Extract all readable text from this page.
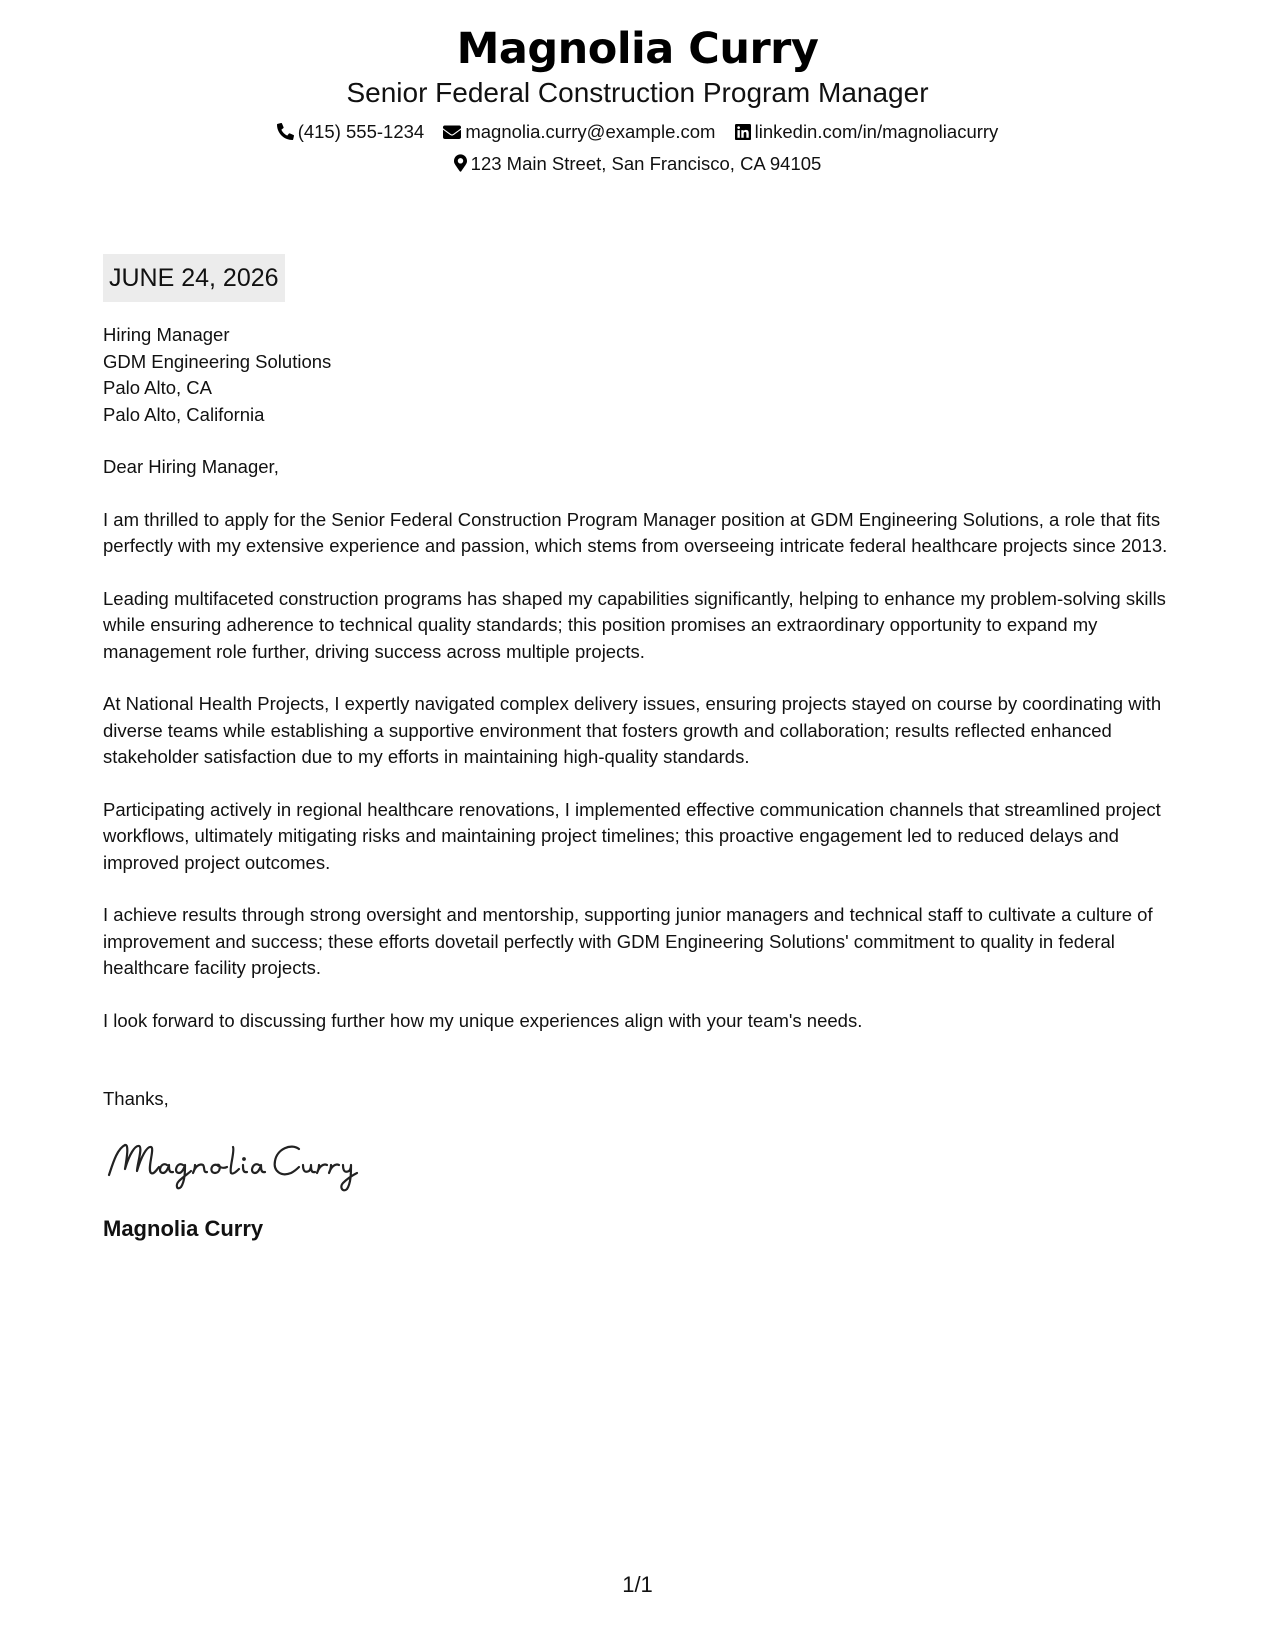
Magnolia Curry
Senior Federal Construction Program Manager
(415) 555-1234 magnolia.curry@example.com linkedin.com/in/magnoliacurry
123 Main Street, San Francisco, CA 94105
JUNE 24, 2026
Hiring Manager
GDM Engineering Solutions
Palo Alto, CA
Palo Alto, California
Dear Hiring Manager,
I am thrilled to apply for the Senior Federal Construction Program Manager position at GDM Engineering Solutions, a role that fits perfectly with my extensive experience and passion, which stems from overseeing intricate federal healthcare projects since 2013.
Leading multifaceted construction programs has shaped my capabilities significantly, helping to enhance my problem-solving skills while ensuring adherence to technical quality standards; this position promises an extraordinary opportunity to expand my management role further, driving success across multiple projects.
At National Health Projects, I expertly navigated complex delivery issues, ensuring projects stayed on course by coordinating with diverse teams while establishing a supportive environment that fosters growth and collaboration; results reflected enhanced stakeholder satisfaction due to my efforts in maintaining high-quality standards.
Participating actively in regional healthcare renovations, I implemented effective communication channels that streamlined project workflows, ultimately mitigating risks and maintaining project timelines; this proactive engagement led to reduced delays and improved project outcomes.
I achieve results through strong oversight and mentorship, supporting junior managers and technical staff to cultivate a culture of improvement and success; these efforts dovetail perfectly with GDM Engineering Solutions' commitment to quality in federal healthcare facility projects.
I look forward to discussing further how my unique experiences align with your team's needs.
Thanks,
Magnolia Curry
1/1
